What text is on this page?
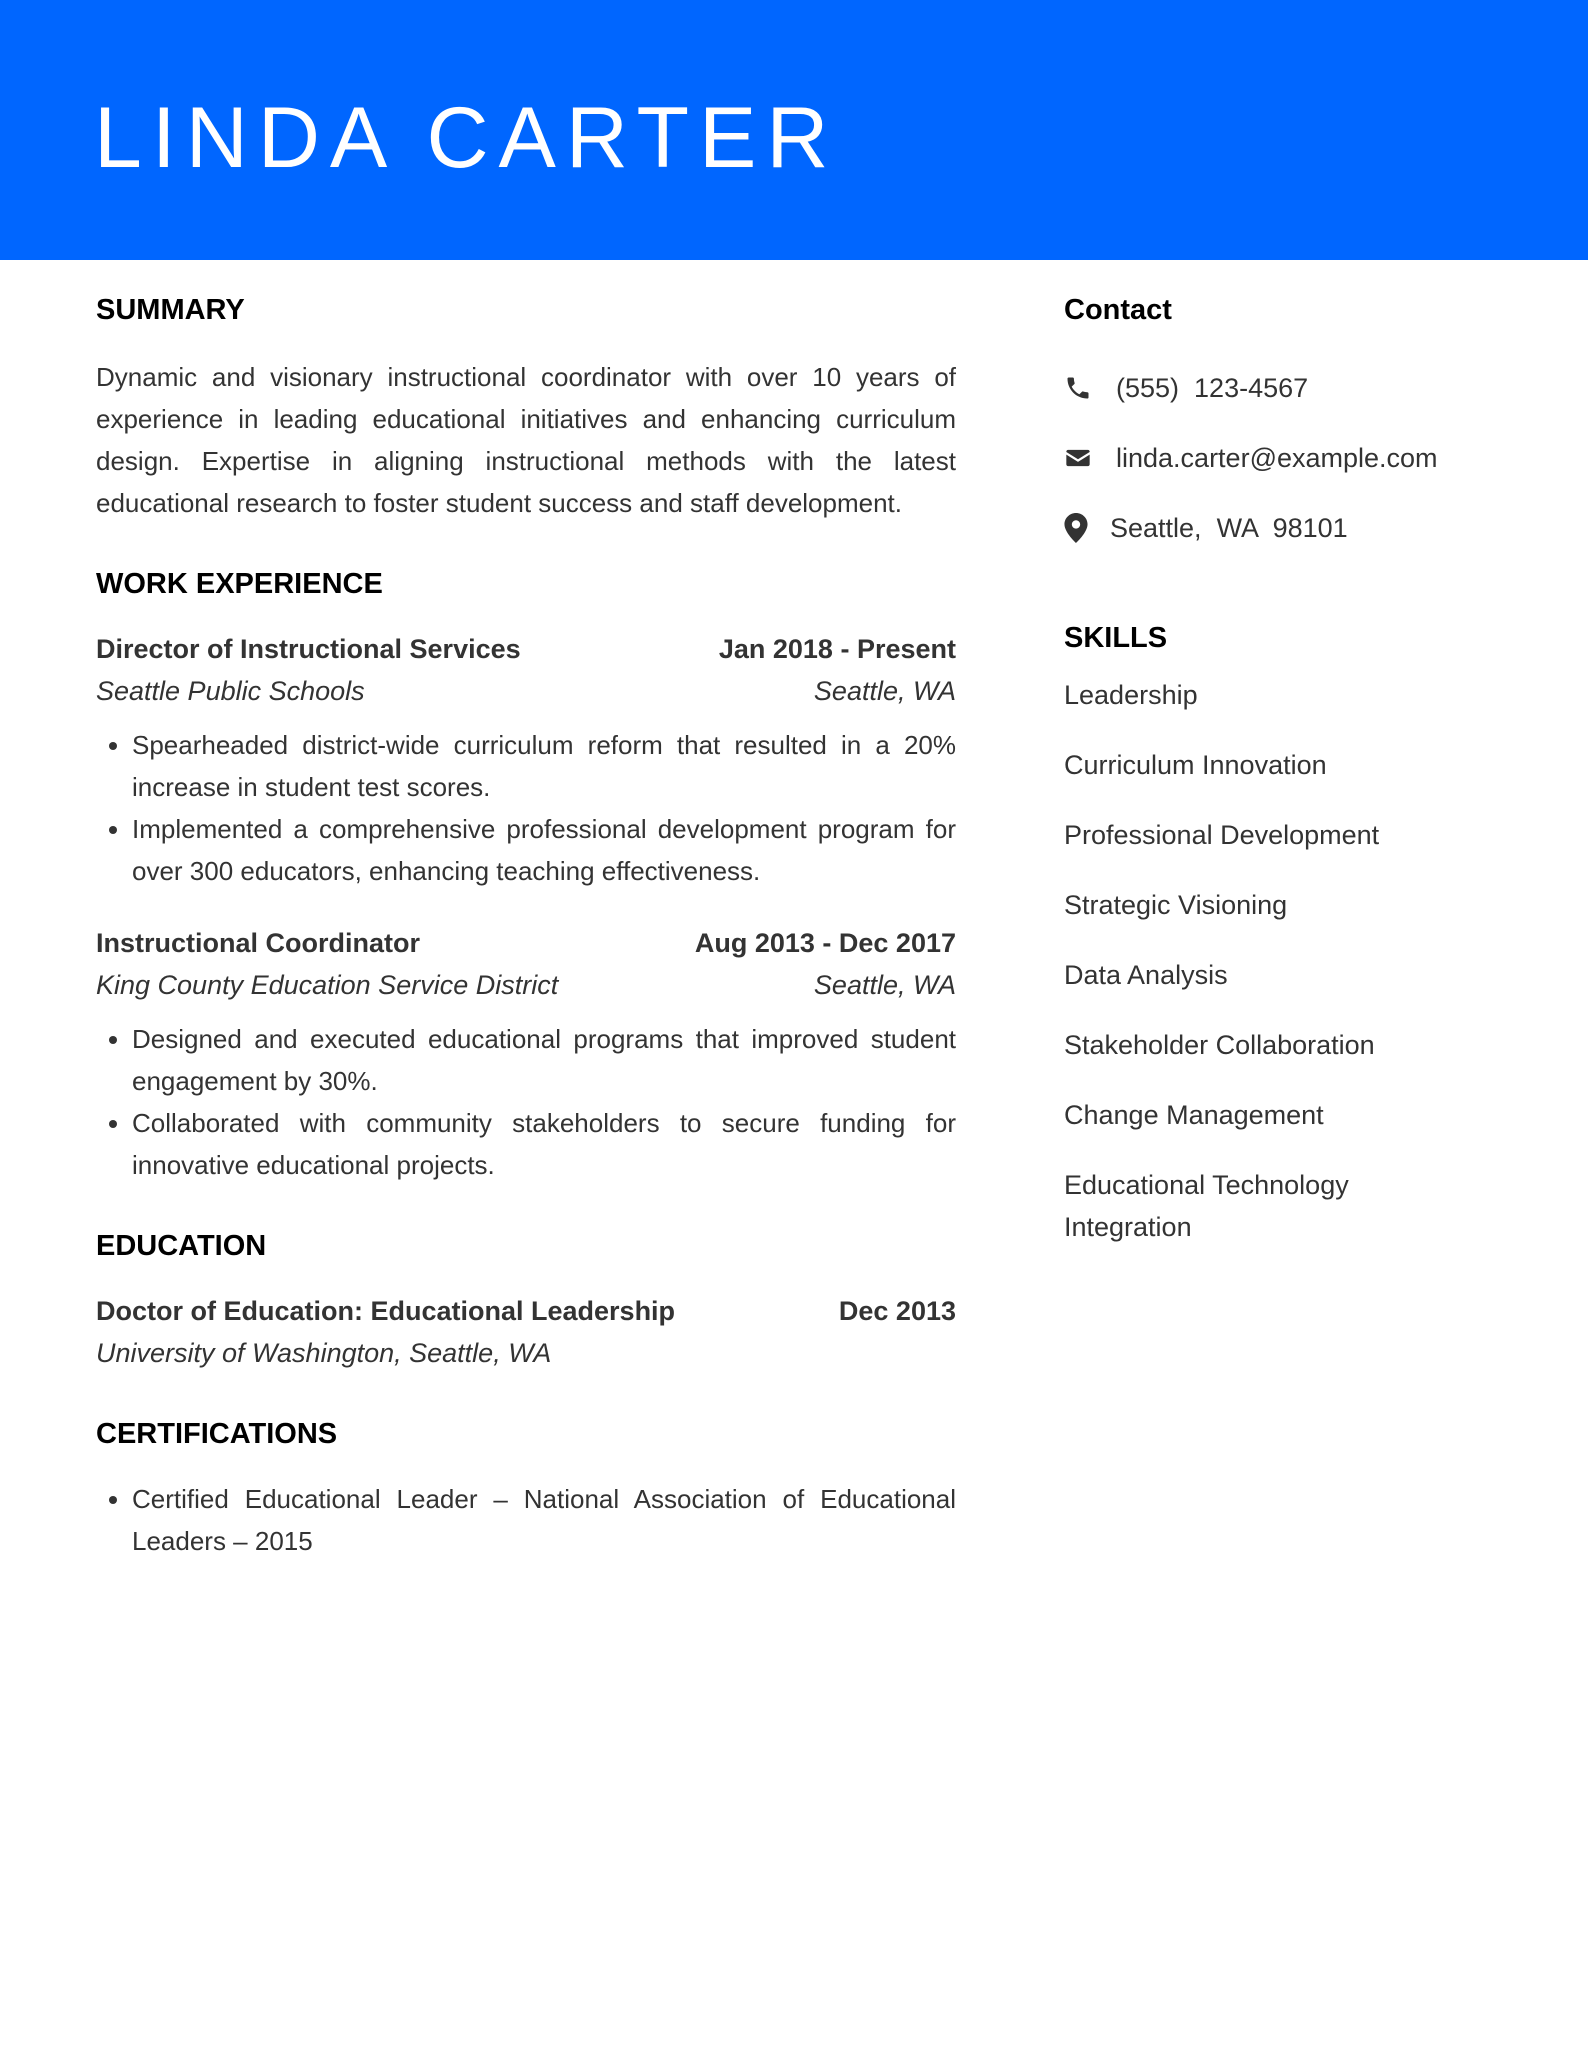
LINDA CARTER
SUMMARY

Dynamic and visionary instructional coordinator with over 10 years of experience in leading educational initiatives and enhancing curriculum design. Expertise in aligning instructional methods with the latest educational research to foster student success and staff development.

WORK EXPERIENCE
Director of Instructional Services	Jan 2018 - Present
Seattle Public Schools	Seattle, WA
• Spearheaded district-wide curriculum reform that resulted in a 20% increase in student test scores.
• Implemented a comprehensive professional development program for over 300 educators, enhancing teaching effectiveness.
Instructional Coordinator	Aug 2013 - Dec 2017
King County Education Service District	Seattle, WA
• Designed and executed educational programs that improved student engagement by 30%.
• Collaborated with community stakeholders to secure funding for innovative educational projects.
EDUCATION
Doctor of Education: Educational Leadership	Dec 2013
University of Washington, Seattle, WA
CERTIFICATIONS
• Certified Educational Leader – National Association of Educational Leaders – 2015
Contact
(555)  123-4567
linda.carter@example.com
Seattle,  WA  98101
SKILLS
Leadership
Curriculum Innovation
Professional Development
Strategic Visioning
Data Analysis
Stakeholder Collaboration
Change Management
Educational Technology Integration
